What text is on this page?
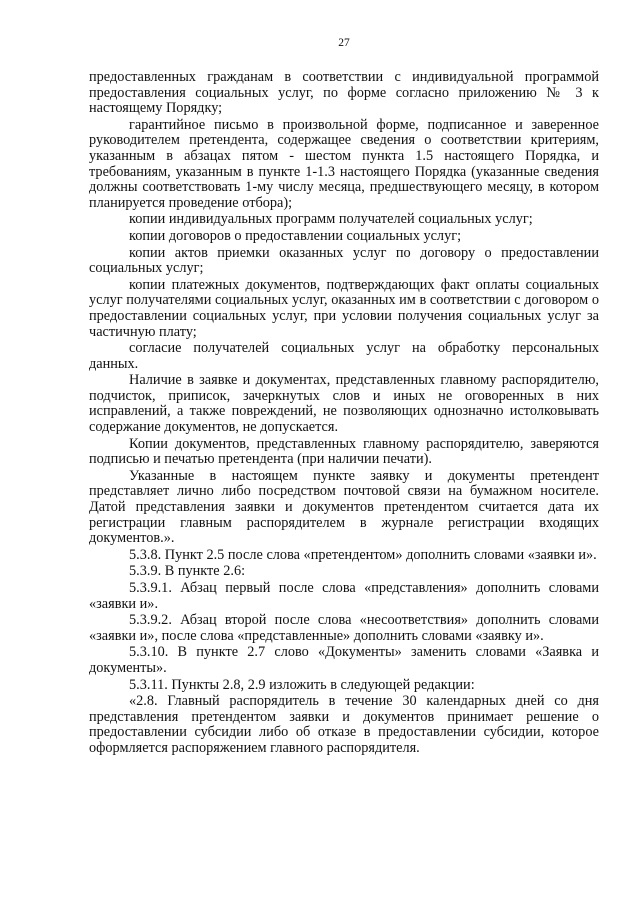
27

предоставленных гражданам в соответствии с индивидуальной программой предоставления социальных услуг, по форме согласно приложению № 3 к настоящему Порядку;

гарантийное письмо в произвольной форме, подписанное и заверенное руководителем претендента, содержащее сведения о соответствии критериям, указанным в абзацах пятом - шестом пункта 1.5 настоящего Порядка, и требованиям, указанным в пункте 1-1.3 настоящего Порядка (указанные сведения должны соответствовать 1-му числу месяца, предшествующего месяцу, в котором планируется проведение отбора);

копии индивидуальных программ получателей социальных услуг;

копии договоров о предоставлении социальных услуг;

копии актов приемки оказанных услуг по договору о предоставлении социальных услуг;

копии платежных документов, подтверждающих факт оплаты социальных услуг получателями социальных услуг, оказанных им в соответствии с договором о предоставлении социальных услуг, при условии получения социальных услуг за частичную плату;

согласие получателей социальных услуг на обработку персональных данных.

Наличие в заявке и документах, представленных главному распорядителю, подчисток, приписок, зачеркнутых слов и иных не оговоренных в них исправлений, а также повреждений, не позволяющих однозначно истолковывать содержание документов, не допускается.

Копии документов, представленных главному распорядителю, заверяются подписью и печатью претендента (при наличии печати).

Указанные в настоящем пункте заявку и документы претендент представляет лично либо посредством почтовой связи на бумажном носителе. Датой представления заявки и документов претендентом считается дата их регистрации главным распорядителем в журнале регистрации входящих документов.».

5.3.8. Пункт 2.5 после слова «претендентом» дополнить словами «заявки и».

5.3.9. В пункте 2.6:

5.3.9.1. Абзац первый после слова «представления» дополнить словами «заявки и».

5.3.9.2. Абзац второй после слова «несоответствия» дополнить словами «заявки и», после слова «представленные» дополнить словами «заявку и».

5.3.10. В пункте 2.7 слово «Документы» заменить словами «Заявка и документы».

5.3.11. Пункты 2.8, 2.9 изложить в следующей редакции:

«2.8. Главный распорядитель в течение 30 календарных дней со дня представления претендентом заявки и документов принимает решение о предоставлении субсидии либо об отказе в предоставлении субсидии, которое оформляется распоряжением главного распорядителя.
